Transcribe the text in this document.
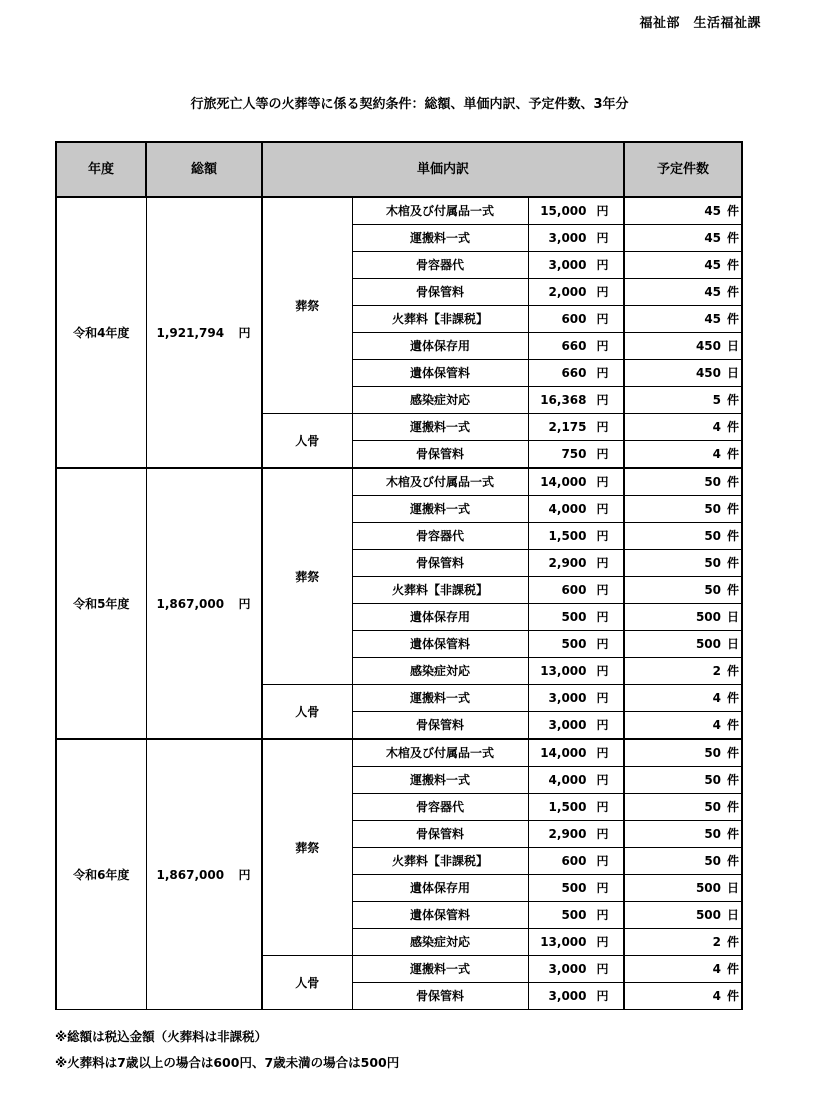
福祉部　生活福祉課
行旅死亡人等の火葬等に係る契約条件：総額、単価内訳、予定件数、3年分
年度	総額	単価内訳			予定件数
令和4年度	1,921,794 円	葬祭	木棺及び付属品一式	15,000 円	45 件
			運搬料一式	3,000 円	45 件
			骨容器代	3,000 円	45 件
			骨保管料	2,000 円	45 件
			火葬料【非課税】	600 円	45 件
			遺体保存用	660 円	450 日
			遺体保管料	660 円	450 日
			感染症対応	16,368 円	5 件
		人骨	運搬料一式	2,175 円	4 件
			骨保管料	750 円	4 件
令和5年度	1,867,000 円	葬祭	木棺及び付属品一式	14,000 円	50 件
			運搬料一式	4,000 円	50 件
			骨容器代	1,500 円	50 件
			骨保管料	2,900 円	50 件
			火葬料【非課税】	600 円	50 件
			遺体保存用	500 円	500 日
			遺体保管料	500 円	500 日
			感染症対応	13,000 円	2 件
		人骨	運搬料一式	3,000 円	4 件
			骨保管料	3,000 円	4 件
令和6年度	1,867,000 円	葬祭	木棺及び付属品一式	14,000 円	50 件
			運搬料一式	4,000 円	50 件
			骨容器代	1,500 円	50 件
			骨保管料	2,900 円	50 件
			火葬料【非課税】	600 円	50 件
			遺体保存用	500 円	500 日
			遺体保管料	500 円	500 日
			感染症対応	13,000 円	2 件
		人骨	運搬料一式	3,000 円	4 件
			骨保管料	3,000 円	4 件
※総額は税込金額（火葬料は非課税）
※火葬料は7歳以上の場合は600円、7歳未満の場合は500円
